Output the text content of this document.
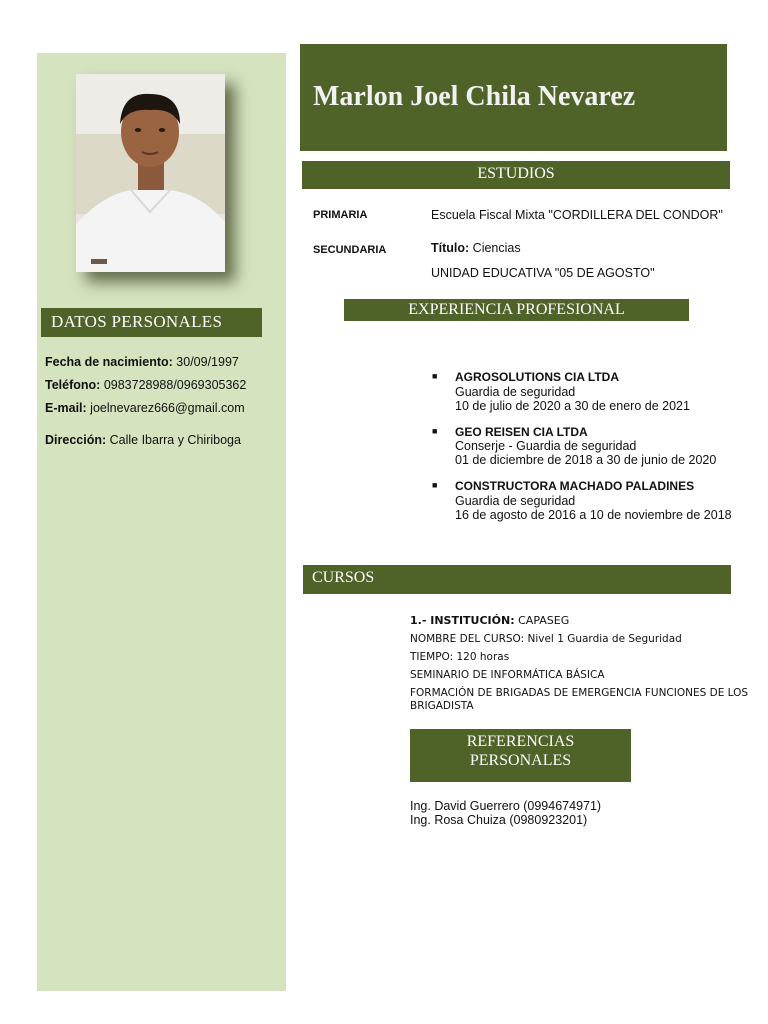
DATOS PERSONALES
Fecha de nacimiento: 30/09/1997
Teléfono: 0983728988/0969305362
E-mail: joelnevarez666@gmail.com
Dirección: Calle Ibarra y Chiriboga
Marlon Joel Chila Nevarez
ESTUDIOS
PRIMARIA	Escuela Fiscal Mixta "CORDILLERA DEL CONDOR"
SECUNDARIA	Título: Ciencias
UNIDAD EDUCATIVA "05 DE AGOSTO"
EXPERIENCIA PROFESIONAL
■ AGROSOLUTIONS CIA LTDA
Guardia de seguridad
10 de julio de 2020 a 30 de enero de 2021
■ GEO REISEN CIA LTDA
Conserje - Guardia de seguridad
01 de diciembre de 2018 a 30 de junio de 2020
■ CONSTRUCTORA MACHADO PALADINES
Guardia de seguridad
16 de agosto de 2016 a 10 de noviembre de 2018
CURSOS
1.- INSTITUCIÓN: CAPASEG
NOMBRE DEL CURSO: Nivel 1 Guardia de Seguridad
TIEMPO: 120 horas
SEMINARIO DE INFORMÁTICA BÁSICA
FORMACIÓN DE BRIGADAS DE EMERGENCIA FUNCIONES DE LOS
BRIGADISTA
REFERENCIAS
PERSONALES
Ing. David Guerrero (0994674971)
Ing. Rosa Chuiza (0980923201)
